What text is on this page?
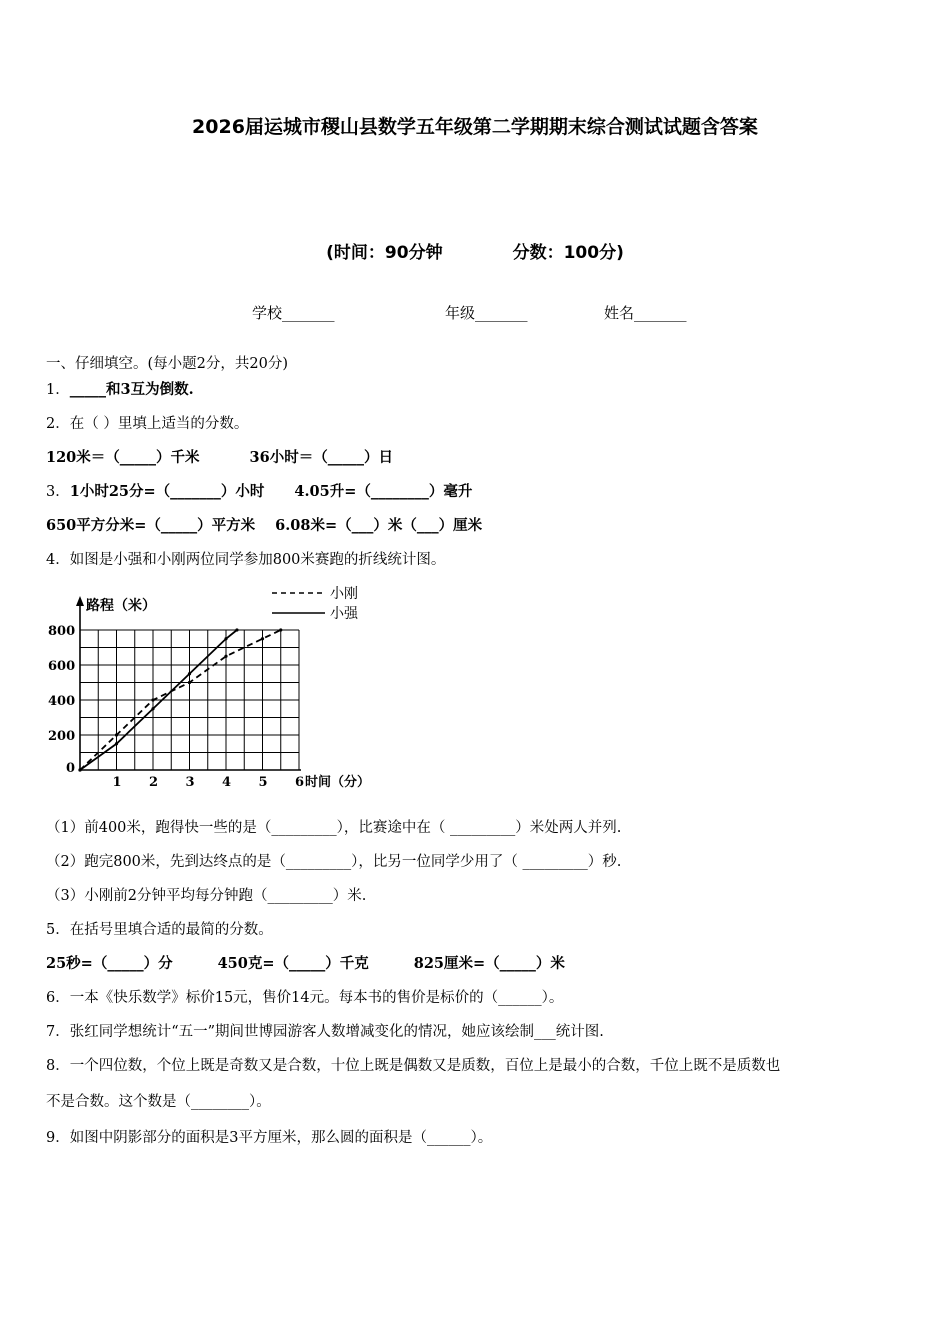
2026届运城市稷山县数学五年级第二学期期末综合测试试题含答案
(时间：90分钟	分数：100分)
学校_______	年级_______	姓名_______
一、仔细填空。(每小题2分，共20分)
1．_____和3互为倒数.
2．在（ ）里填上适当的分数。
120米＝（_____）千米	36小时＝（_____）日
3．1小时25分=（_______）小时 4.05升=（________）毫升
650平方分米=（_____）平方米 6.08米=（___）米（___）厘米
4．如图是小强和小刚两位同学参加800米赛跑的折线统计图。
0
1 2 3 4 5 6
200
400
600
800
路程（米）
时间（分）
小刚
小强
（1）前400米，跑得快一些的是（_________），比赛途中在（ _________）米处两人并列.
（2）跑完800米，先到达终点的是（_________），比另一位同学少用了（ _________）秒.
（3）小刚前2分钟平均每分钟跑（_________）米.
5．在括号里填合适的最简的分数。
25秒=（_____）分	450克=（_____）千克	825厘米=（_____）米
6．一本《快乐数学》标价15元，售价14元。每本书的售价是标价的（______）。
7．张红同学想统计“五一”期间世博园游客人数增减变化的情况，她应该绘制___统计图.
8．一个四位数，个位上既是奇数又是合数，十位上既是偶数又是质数，百位上是最小的合数，千位上既不是质数也
不是合数。这个数是（________）。
9．如图中阴影部分的面积是3平方厘米，那么圆的面积是（______）。
